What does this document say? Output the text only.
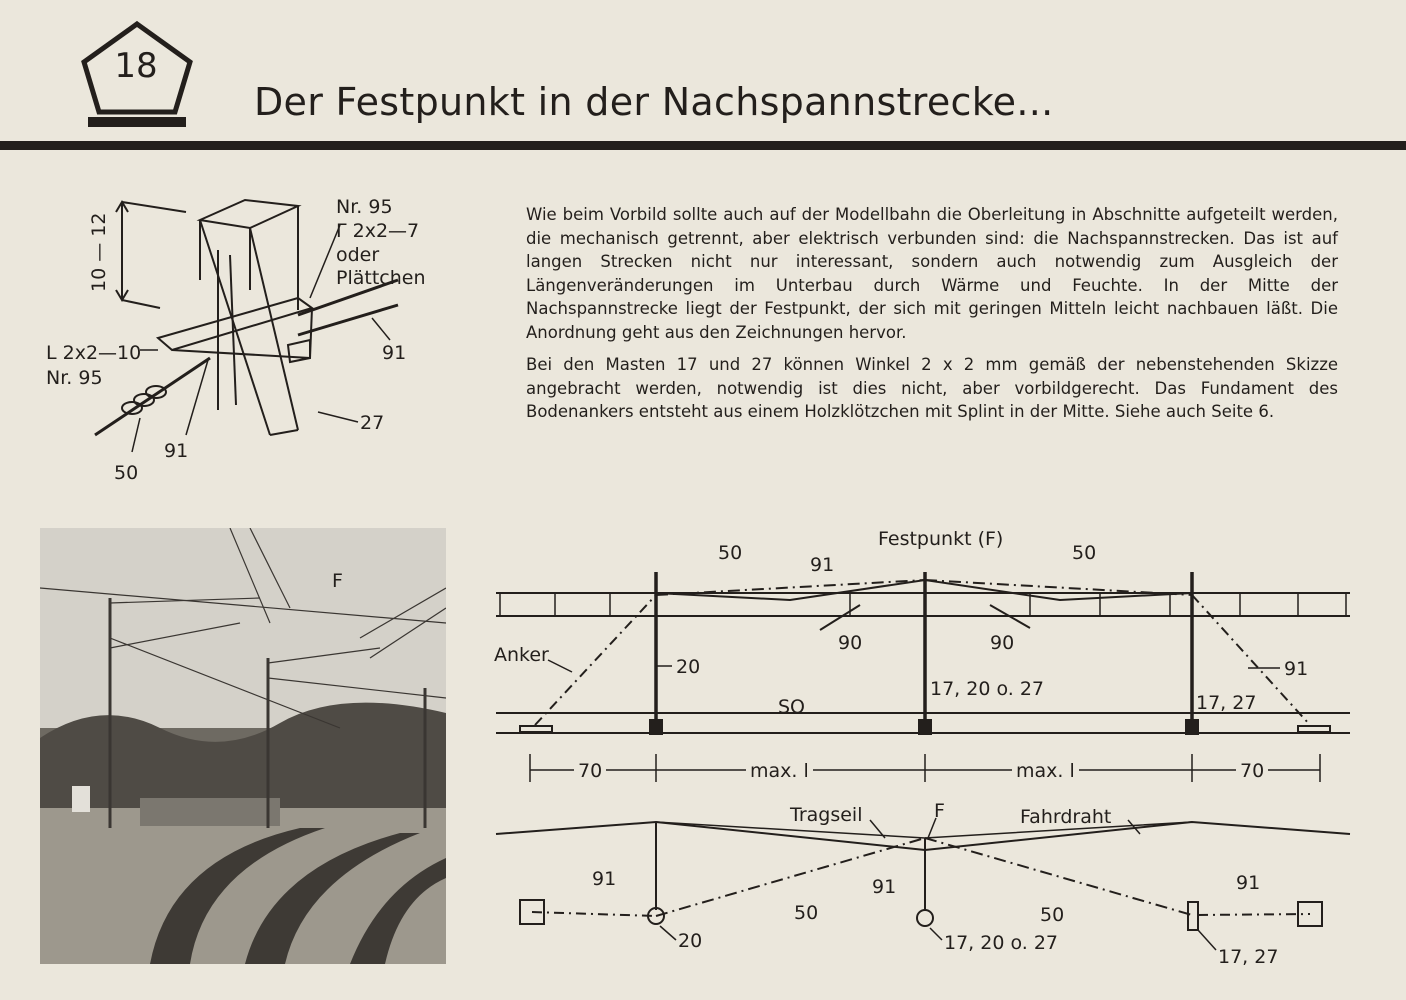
18
Der Festpunkt in der Nachspannstrecke...
Wie beim Vorbild sollte auch auf der Modellbahn die Oberleitung in Abschnitte aufgeteilt werden, die mechanisch getrennt, aber elektrisch verbunden sind: die Nachspannstrecken. Das ist auf langen Strecken nicht nur interessant, sondern auch notwendig zum Ausgleich der Längenveränderungen im Unterbau durch Wärme und Feuchte. In der Mitte der Nachspannstrecke liegt der Festpunkt, der sich mit geringen Mitteln leicht nachbauen läßt. Die Anordnung geht aus den Zeichnungen hervor.
Bei den Masten 17 und 27 können Winkel 2 x 2 mm gemäß der nebenstehenden Skizze angebracht werden, notwendig ist dies nicht, aber vorbildgerecht. Das Fundament des Bodenankers entsteht aus einem Holzklötzchen mit Splint in der Mitte. Siehe auch Seite 6.
10 — 12
Nr. 95
Γ 2x2—7
oder
Plättchen
L 2x2—10
Nr. 95
91
27
91
50
F
Festpunkt (F)
50
91
50
90	90
Anker
20
17, 20 o. 27
17, 27
91
SO
70	max. l	max. l	70
Tragseil	F	Fahrdraht
91	91	91
50	50
20	17, 20 o. 27
17, 27
